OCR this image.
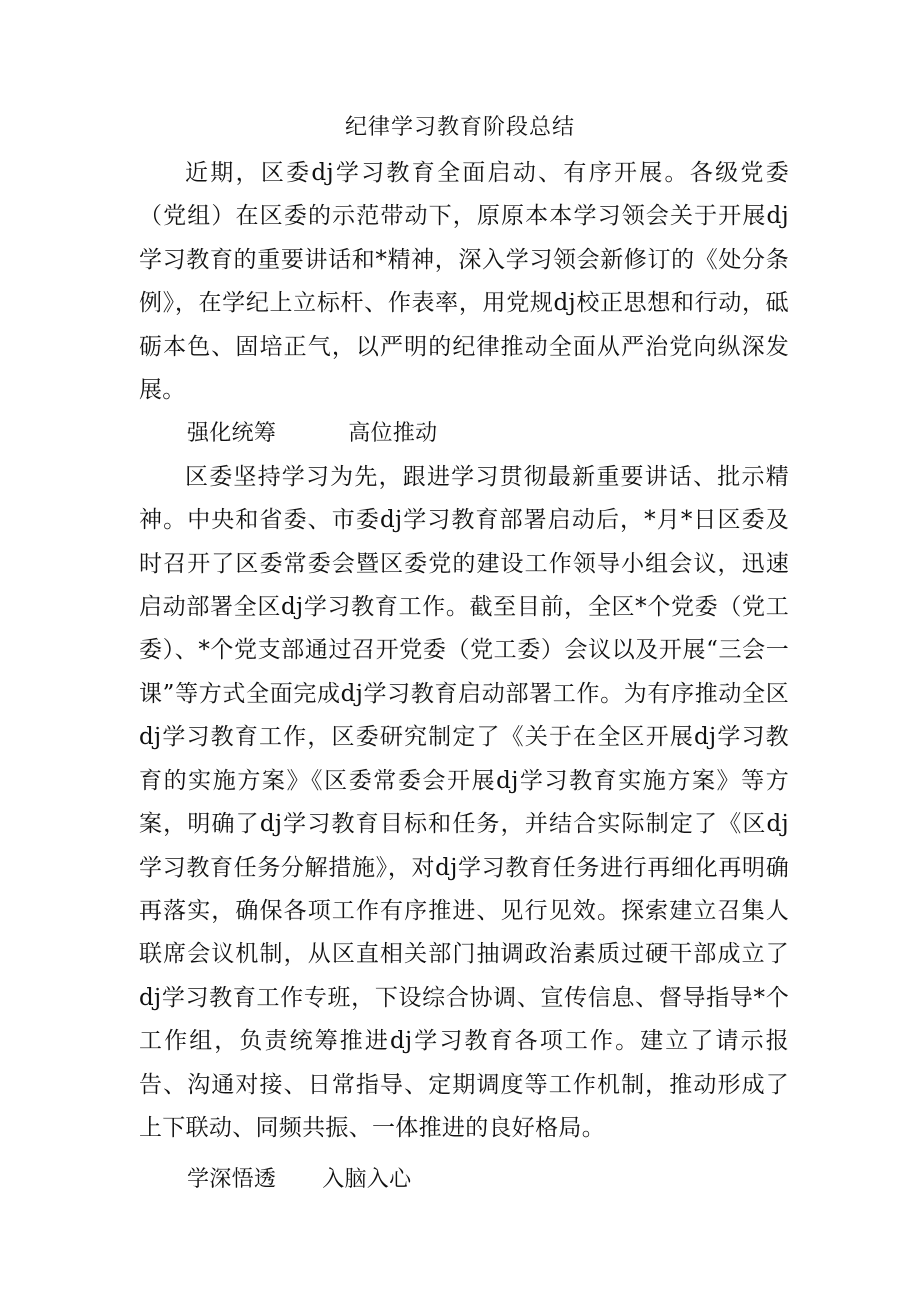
纪律学习教育阶段总结

近期，区委dj学习教育全面启动、有序开展。各级党委（党组）在区委的示范带动下，原原本本学习领会关于开展dj学习教育的重要讲话和*精神，深入学习领会新修订的《处分条例》，在学纪上立标杆、作表率，用党规dj校正思想和行动，砥砺本色、固培正气，以严明的纪律推动全面从严治党向纵深发展。

强化统筹	高位推动

区委坚持学习为先，跟进学习贯彻最新重要讲话、批示精神。中央和省委、市委dj学习教育部署启动后，*月*日区委及时召开了区委常委会暨区委党的建设工作领导小组会议，迅速启动部署全区dj学习教育工作。截至目前，全区*个党委（党工委）、*个党支部通过召开党委（党工委）会议以及开展“三会一课”等方式全面完成dj学习教育启动部署工作。为有序推动全区dj学习教育工作，区委研究制定了《关于在全区开展dj学习教育的实施方案》《区委常委会开展dj学习教育实施方案》等方案，明确了dj学习教育目标和任务，并结合实际制定了《区dj学习教育任务分解措施》，对dj学习教育任务进行再细化再明确再落实，确保各项工作有序推进、见行见效。探索建立召集人联席会议机制，从区直相关部门抽调政治素质过硬干部成立了dj学习教育工作专班，下设综合协调、宣传信息、督导指导*个工作组，负责统筹推进dj学习教育各项工作。建立了请示报告、沟通对接、日常指导、定期调度等工作机制，推动形成了上下联动、同频共振、一体推进的良好格局。

学深悟透 入脑入心
